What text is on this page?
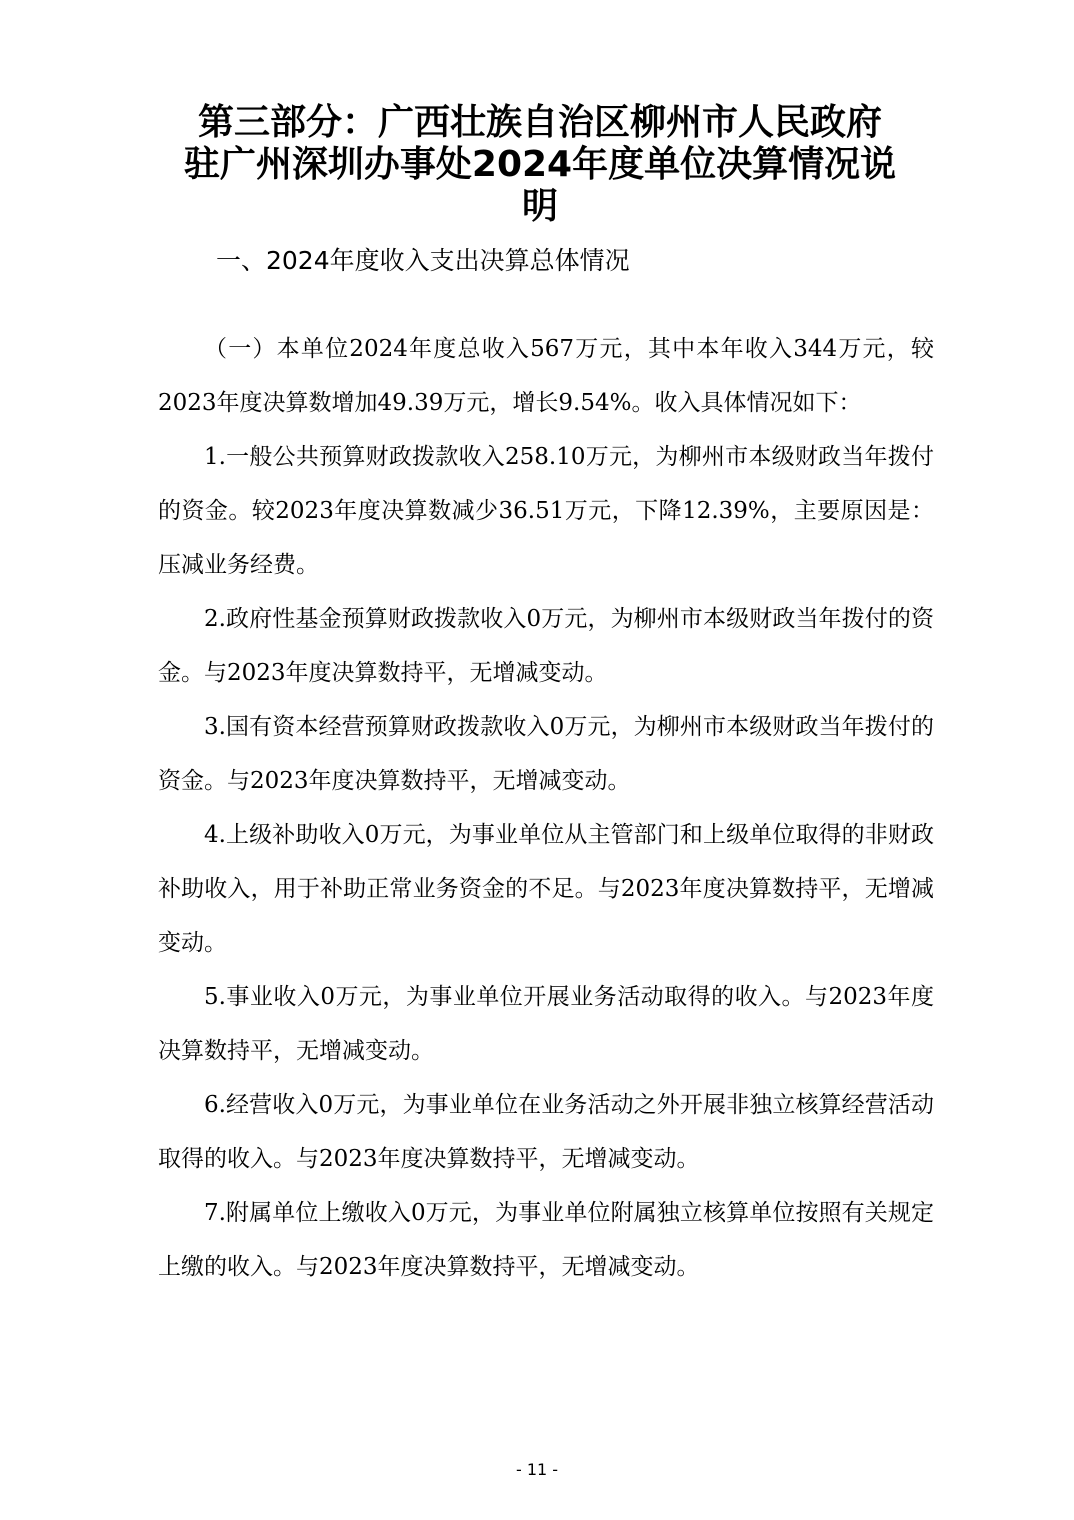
第三部分：广西壮族自治区柳州市人民政府
驻广州深圳办事处2024年度单位决算情况说
明
一、2024年度收入支出决算总体情况

（一）本单位2024年度总收入567万元，其中本年收入344万元，较2023年度决算数增加49.39万元，增长9.54%。收入具体情况如下：

1.一般公共预算财政拨款收入258.10万元，为柳州市本级财政当年拨付的资金。较2023年度决算数减少36.51万元，下降12.39%，主要原因是：压减业务经费。

2.政府性基金预算财政拨款收入0万元，为柳州市本级财政当年拨付的资金。与2023年度决算数持平，无增减变动。

3.国有资本经营预算财政拨款收入0万元，为柳州市本级财政当年拨付的资金。与2023年度决算数持平，无增减变动。

4.上级补助收入0万元，为事业单位从主管部门和上级单位取得的非财政补助收入，用于补助正常业务资金的不足。与2023年度决算数持平，无增减变动。

5.事业收入0万元，为事业单位开展业务活动取得的收入。与2023年度决算数持平，无增减变动。

6.经营收入0万元，为事业单位在业务活动之外开展非独立核算经营活动取得的收入。与2023年度决算数持平，无增减变动。

7.附属单位上缴收入0万元，为事业单位附属独立核算单位按照有关规定上缴的收入。与2023年度决算数持平，无增减变动。

- 11 -
